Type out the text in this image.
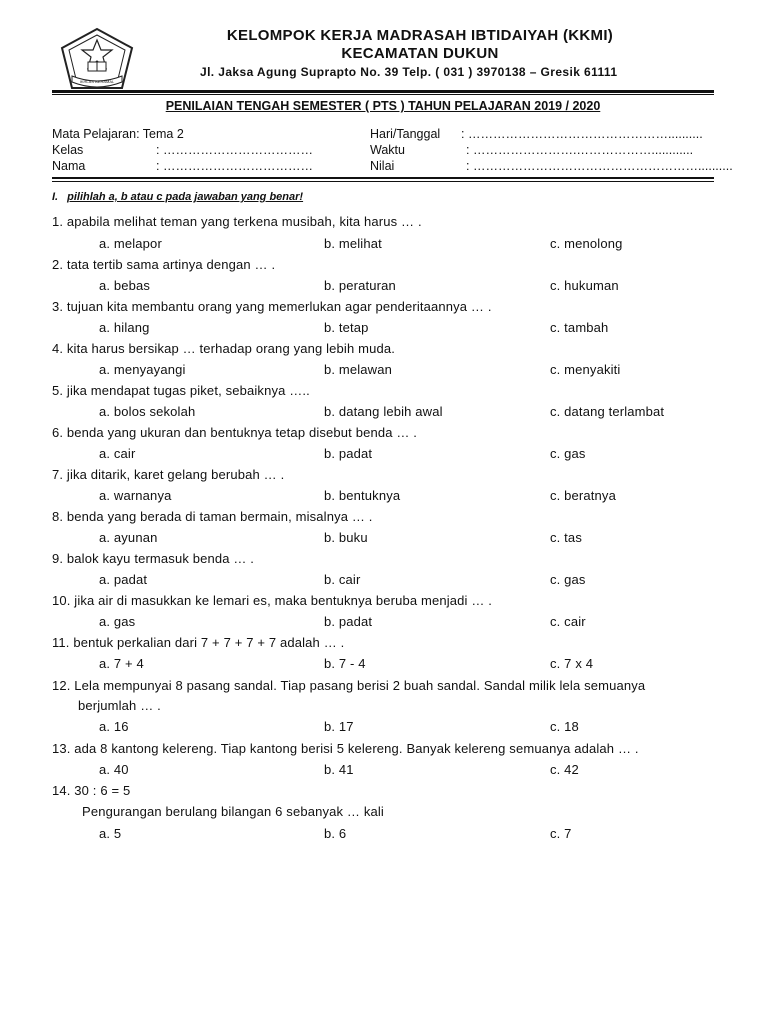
IKHLAS BERAMAL
KELOMPOK KERJA MADRASAH IBTIDAIYAH (KKMI)
KECAMATAN DUKUN
Jl. Jaksa Agung Suprapto No. 39 Telp. ( 031 ) 3970138 – Gresik 61111
PENILAIAN TENGAH SEMESTER ( PTS ) TAHUN PELAJARAN 2019 / 2020
Mata Pelajaran: Tema 2	Hari/Tanggal : …………………………………………..........
Kelas	: ………………………………	Waktu	: …………………….………………............
Nama	: ………………………………	Nilai	: ………………………………………………..........
I. pilihlah a, b atau c pada jawaban yang benar!
1. apabila melihat teman yang terkena musibah, kita harus … .
a. melapor	b. melihat	c. menolong
2. tata tertib sama artinya dengan … .
a. bebas	b. peraturan	c. hukuman
3. tujuan kita membantu orang yang memerlukan agar penderitaannya … .
a. hilang	b. tetap	c. tambah
4. kita harus bersikap … terhadap orang yang lebih muda.
a. menyayangi	b. melawan	c. menyakiti
5. jika mendapat tugas piket, sebaiknya …..
a. bolos sekolah	b. datang lebih awal	c. datang terlambat
6. benda yang ukuran dan bentuknya tetap disebut benda … .
a. cair	b. padat	c. gas
7. jika ditarik, karet gelang berubah … .
a. warnanya	b. bentuknya	c. beratnya
8. benda yang berada di taman bermain, misalnya … .
a. ayunan	b. buku	c. tas
9. balok kayu termasuk benda … .
a. padat	b. cair	c. gas
10. jika air di masukkan ke lemari es, maka bentuknya beruba menjadi … .
a. gas	b. padat	c. cair
11. bentuk perkalian dari 7 + 7 + 7 + 7 adalah … .
a. 7 + 4	b. 7 - 4	c. 7 x 4
12. Lela mempunyai 8 pasang sandal. Tiap pasang berisi 2 buah sandal. Sandal milik lela semuanya
berjumlah … .
a. 16	b. 17	c. 18
13. ada 8 kantong kelereng. Tiap kantong berisi 5 kelereng. Banyak kelereng semuanya adalah … .
a. 40	b. 41	c. 42
14. 30 : 6 = 5
Pengurangan berulang bilangan 6 sebanyak … kali
a. 5	b. 6	c. 7
